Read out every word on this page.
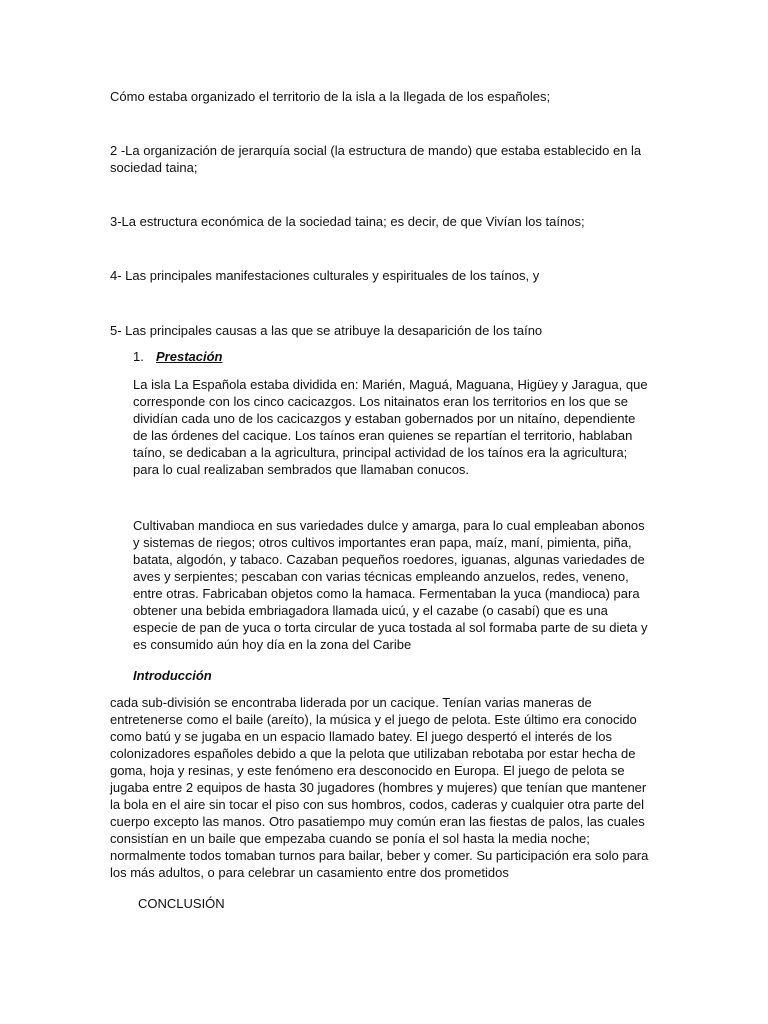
Cómo estaba organizado el territorio de la isla a la llegada de los españoles;

2 -La organización de jerarquía social (la estructura de mando) que estaba establecido en la sociedad taina;

3-La estructura económica de la sociedad taina; es decir, de que Vivían los taínos;

4- Las principales manifestaciones culturales y espirituales de los taínos, y

5- Las principales causas a las que se atribuye la desaparición de los taíno

1. Prestación

La isla La Española estaba dividida en: Marién, Maguá, Maguana, Higüey y Jaragua, que corresponde con los cinco cacicazgos. Los nitainatos eran los territorios en los que se dividían cada uno de los cacicazgos y estaban gobernados por un nitaíno, dependiente de las órdenes del cacique. Los taínos eran quienes se repartían el territorio, hablaban taíno, se dedicaban a la agricultura, principal actividad de los taínos era la agricultura; para lo cual realizaban sembrados que llamaban conucos.

Cultivaban mandioca en sus variedades dulce y amarga, para lo cual empleaban abonos y sistemas de riegos; otros cultivos importantes eran papa, maíz, maní, pimienta, piña, batata, algodón, y tabaco. Cazaban pequeños roedores, iguanas, algunas variedades de aves y serpientes; pescaban con varias técnicas empleando anzuelos, redes, veneno, entre otras. Fabricaban objetos como la hamaca. Fermentaban la yuca (mandioca) para obtener una bebida embriagadora llamada uicú, y el cazabe (o casabí) que es una especie de pan de yuca o torta circular de yuca tostada al sol formaba parte de su dieta y es consumido aún hoy día en la zona del Caribe

Introducción

cada sub-división se encontraba liderada por un cacique. Tenían varias maneras de entretenerse como el baile (areíto), la música y el juego de pelota. Este último era conocido como batú y se jugaba en un espacio llamado batey. El juego despertó el interés de los colonizadores españoles debido a que la pelota que utilizaban rebotaba por estar hecha de goma, hoja y resinas, y este fenómeno era desconocido en Europa. El juego de pelota se jugaba entre 2 equipos de hasta 30 jugadores (hombres y mujeres) que tenían que mantener la bola en el aire sin tocar el piso con sus hombros, codos, caderas y cualquier otra parte del cuerpo excepto las manos. Otro pasatiempo muy común eran las fiestas de palos, las cuales consistían en un baile que empezaba cuando se ponía el sol hasta la media noche; normalmente todos tomaban turnos para bailar, beber y comer. Su participación era solo para los más adultos, o para celebrar un casamiento entre dos prometidos

CONCLUSIÓN
